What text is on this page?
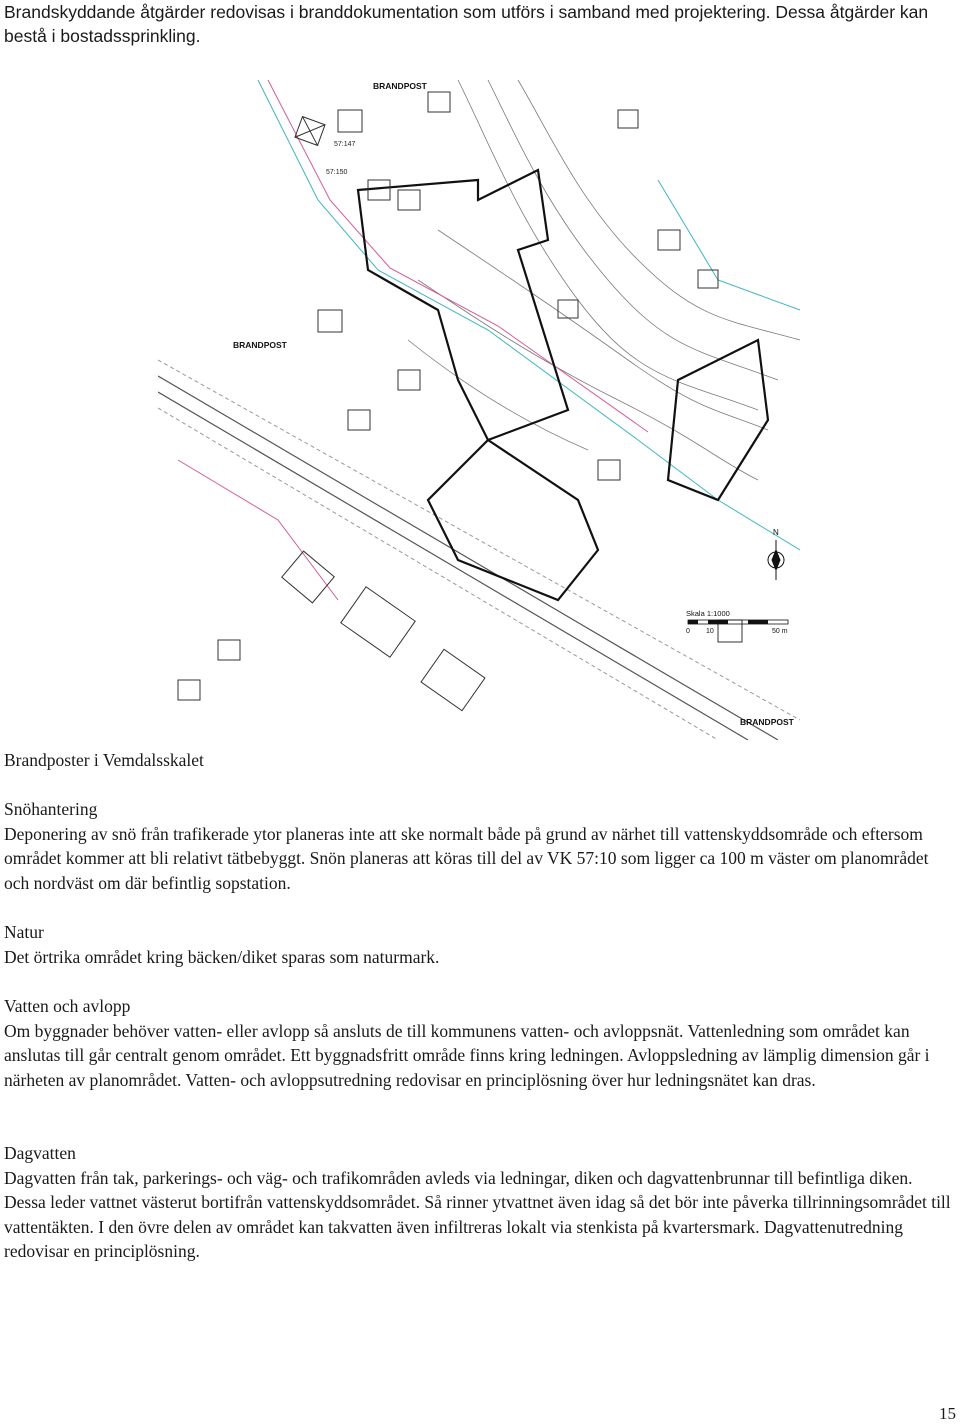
Brandskyddande åtgärder redovisas i branddokumentation som utförs i samband med projektering. Dessa åtgärder kan bestå i bostadssprinkling.

BRANDPOST
BRANDPOST
BRANDPOST
57:147
57:150
N
Skala 1:1000
0 10	50 m

Brandposter i Vemdalsskalet

Snöhantering
Deponering av snö från trafikerade ytor planeras inte att ske normalt både på grund av närhet till vattenskyddsområde och eftersom området kommer att bli relativt tätbebyggt. Snön planeras att köras till del av VK 57:10 som ligger ca 100 m väster om planområdet och nordväst om där befintlig sopstation.
Natur
Det örtrika området kring bäcken/diket sparas som naturmark.
Vatten och avlopp
Om byggnader behöver vatten- eller avlopp så ansluts de till kommunens vatten- och avloppsnät. Vattenledning som området kan anslutas till går centralt genom området. Ett byggnadsfritt område finns kring ledningen. Avloppsledning av lämplig dimension går i närheten av planområdet. Vatten- och avloppsutredning redovisar en principlösning över hur ledningsnätet kan dras.
Dagvatten
Dagvatten från tak, parkerings- och väg- och trafikområden avleds via ledningar, diken och dagvattenbrunnar till befintliga diken. Dessa leder vattnet västerut bortifrån vattenskyddsområdet. Så rinner ytvattnet även idag så det bör inte påverka tillrinningsområdet till vattentäkten. I den övre delen av området kan takvatten även infiltreras lokalt via stenkista på kvartersmark. Dagvattenutredning redovisar en principlösning.
15
